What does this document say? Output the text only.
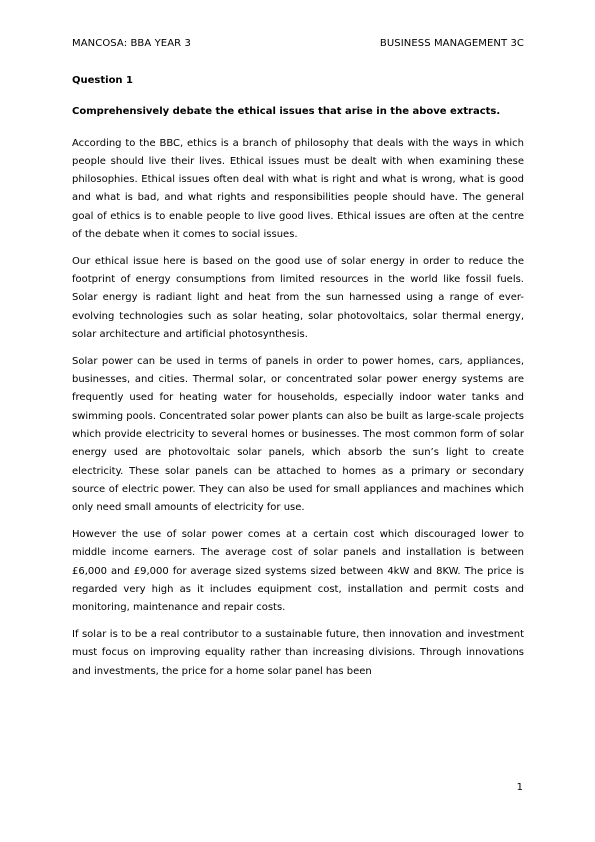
MANCOSA: BBA YEAR 3	BUSINESS MANAGEMENT 3C

Question 1

Comprehensively debate the ethical issues that arise in the above extracts.

According to the BBC, ethics is a branch of philosophy that deals with the ways in which people should live their lives. Ethical issues must be dealt with when examining these philosophies. Ethical issues often deal with what is right and what is wrong, what is good and what is bad, and what rights and responsibilities people should have. The general goal of ethics is to enable people to live good lives. Ethical issues are often at the centre of the debate when it comes to social issues.

Our ethical issue here is based on the good use of solar energy in order to reduce the footprint of energy consumptions from limited resources in the world like fossil fuels. Solar energy is radiant light and heat from the sun harnessed using a range of ever-evolving technologies such as solar heating, solar photovoltaics, solar thermal energy, solar architecture and artificial photosynthesis.

Solar power can be used in terms of panels in order to power homes, cars, appliances, businesses, and cities. Thermal solar, or concentrated solar power energy systems are frequently used for heating water for households, especially indoor water tanks and swimming pools. Concentrated solar power plants can also be built as large-scale projects which provide electricity to several homes or businesses. The most common form of solar energy used are photovoltaic solar panels, which absorb the sun’s light to create electricity. These solar panels can be attached to homes as a primary or secondary source of electric power. They can also be used for small appliances and machines which only need small amounts of electricity for use.

However the use of solar power comes at a certain cost which discouraged lower to middle income earners. The average cost of solar panels and installation is between £6,000 and £9,000 for average sized systems sized between 4kW and 8KW. The price is regarded very high as it includes equipment cost, installation and permit costs and monitoring, maintenance and repair costs.

If solar is to be a real contributor to a sustainable future, then innovation and investment must focus on improving equality rather than increasing divisions. Through innovations and investments, the price for a home solar panel has been

1
